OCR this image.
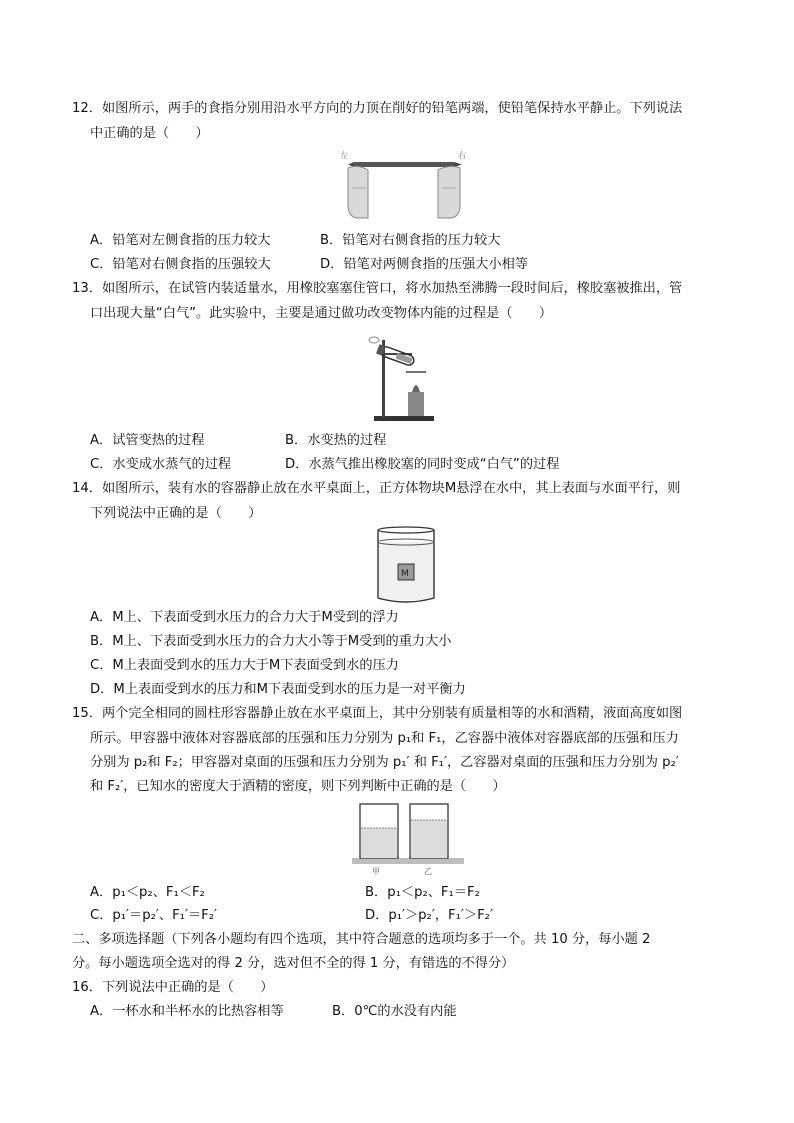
12．如图所示，两手的食指分别用沿水平方向的力顶在削好的铅笔两端，使铅笔保持水平静止。下列说法
中正确的是（　　）
左	右
A．铅笔对左侧食指的压力较大	B．铅笔对右侧食指的压力较大
C．铅笔对右侧食指的压强较大	D．铅笔对两侧食指的压强大小相等
13．如图所示，在试管内装适量水，用橡胶塞塞住管口，将水加热至沸腾一段时间后，橡胶塞被推出，管
口出现大量“白气”。此实验中，主要是通过做功改变物体内能的过程是（　　）
A．试管变热的过程	B．水变热的过程
C．水变成水蒸气的过程	D．水蒸气推出橡胶塞的同时变成“白气”的过程
14．如图所示，装有水的容器静止放在水平桌面上，正方体物块M悬浮在水中，其上表面与水面平行，则
下列说法中正确的是（　　）
M
A．M上、下表面受到水压力的合力大于M受到的浮力
B．M上、下表面受到水压力的合力大小等于M受到的重力大小
C．M上表面受到水的压力大于M下表面受到水的压力
D．M上表面受到水的压力和M下表面受到水的压力是一对平衡力
15．两个完全相同的圆柱形容器静止放在水平桌面上，其中分别装有质量相等的水和酒精，液面高度如图
所示。甲容器中液体对容器底部的压强和压力分别为 p₁和 F₁，乙容器中液体对容器底部的压强和压力
分别为 p₂和 F₂；甲容器对桌面的压强和压力分别为 p₁′ 和 F₁′，乙容器对桌面的压强和压力分别为 p₂′
和 F₂′，已知水的密度大于酒精的密度，则下列判断中正确的是（　　）
甲	乙
A．p₁＜p₂、F₁＜F₂	B．p₁＜p₂、F₁＝F₂
C．p₁′＝p₂′、F₁′＝F₂′	D．p₁′＞p₂′，F₁′＞F₂′
二、多项选择题（下列各小题均有四个选项，其中符合题意的选项均多于一个。共 10 分，每小题 2
分。每小题选项全选对的得 2 分，选对但不全的得 1 分，有错选的不得分）
16．下列说法中正确的是（　　）
A．一杯水和半杯水的比热容相等	B．0℃的水没有内能
